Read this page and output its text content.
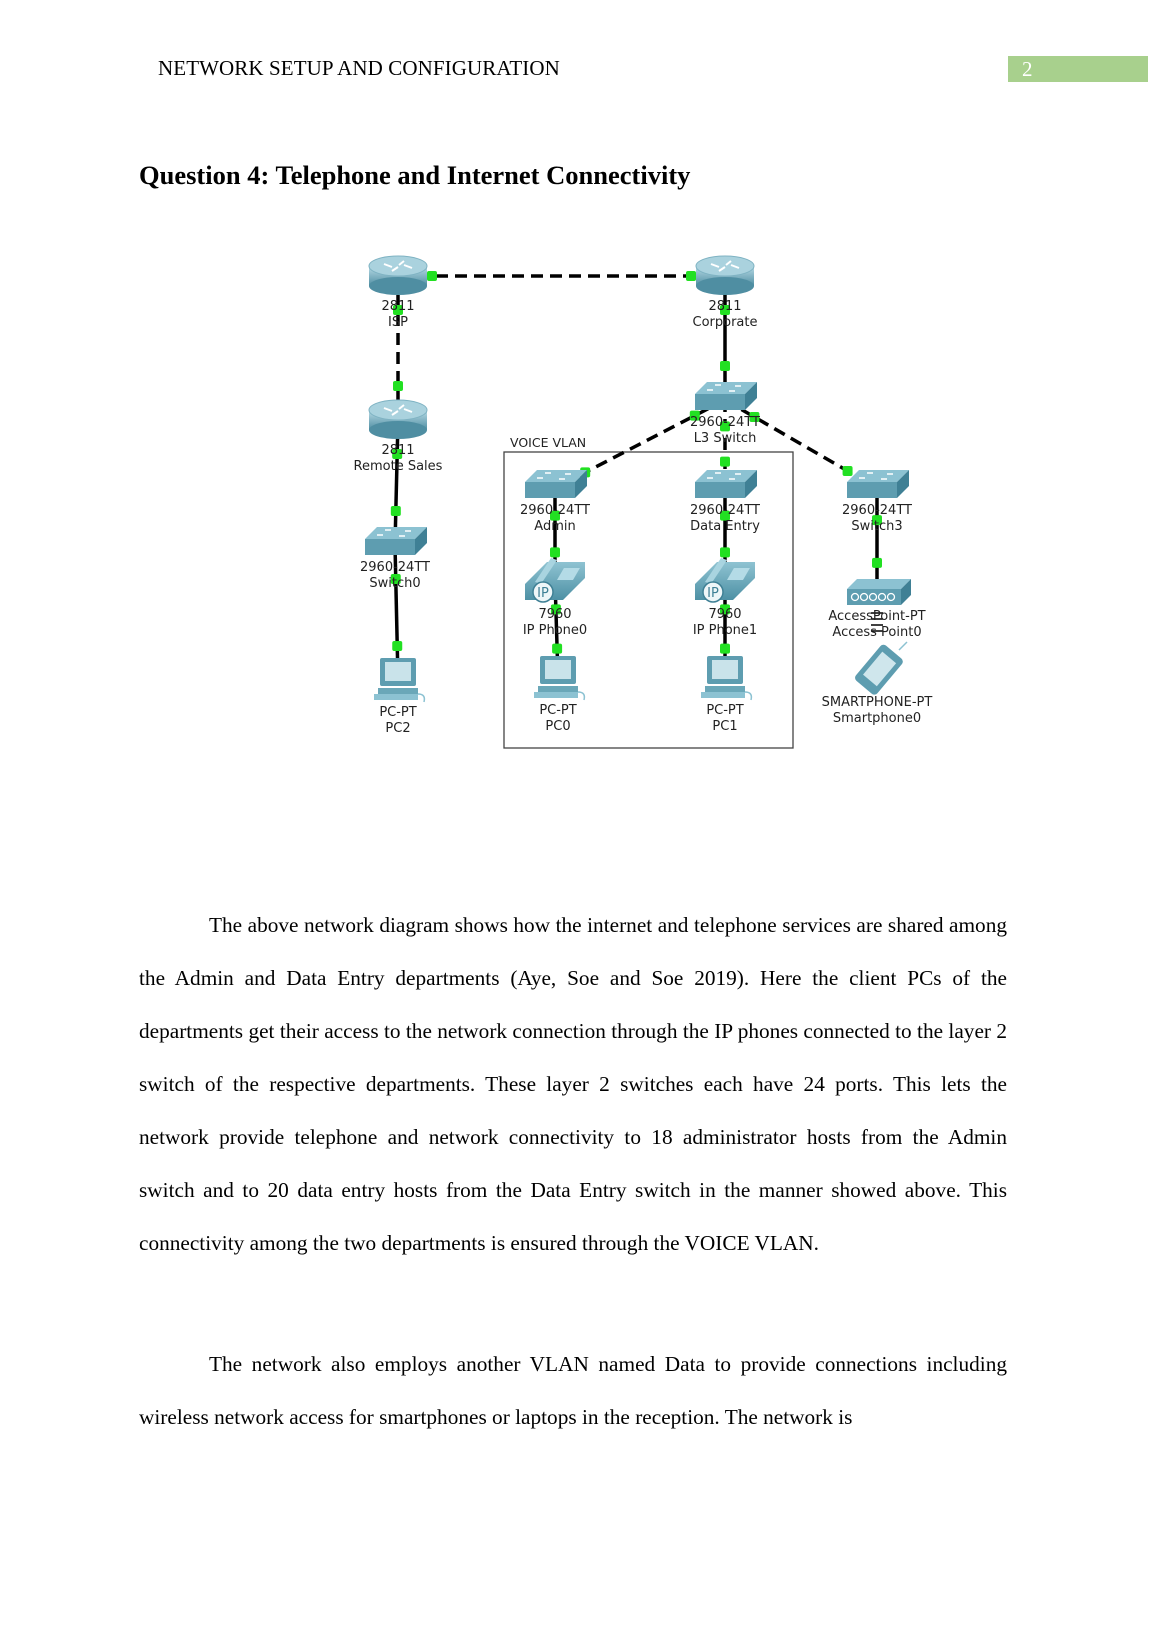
NETWORK SETUP AND CONFIGURATION	2
Question 4: Telephone and Internet Connectivity
VOICE VLAN
2811
ISP
2811
Corporate
2811
Remote Sales
2960-24TT
L3 Switch
2960-24TT
Switch0
2960-24TT
Admin
2960-24TT
Data Entry
2960-24TT
Switch3
IP
7960
IP Phone0
IP
7960
IP Phone1
AccessPoint-PT
Access Point0
PC-PT
PC2
PC-PT
PC0
PC-PT
PC1
SMARTPHONE-PT
Smartphone0

The above network diagram shows how the internet and telephone services are shared among the Admin and Data Entry departments (Aye, Soe and Soe 2019). Here the client PCs of the departments get their access to the network connection through the IP phones connected to the layer 2 switch of the respective departments. These layer 2 switches each have 24 ports. This lets the network provide telephone and network connectivity to 18 administrator hosts from the Admin switch and to 20 data entry hosts from the Data Entry switch in the manner showed above. This connectivity among the two departments is ensured through the VOICE VLAN.

The network also employs another VLAN named Data to provide connections including wireless network access for smartphones or laptops in the reception. The network is
